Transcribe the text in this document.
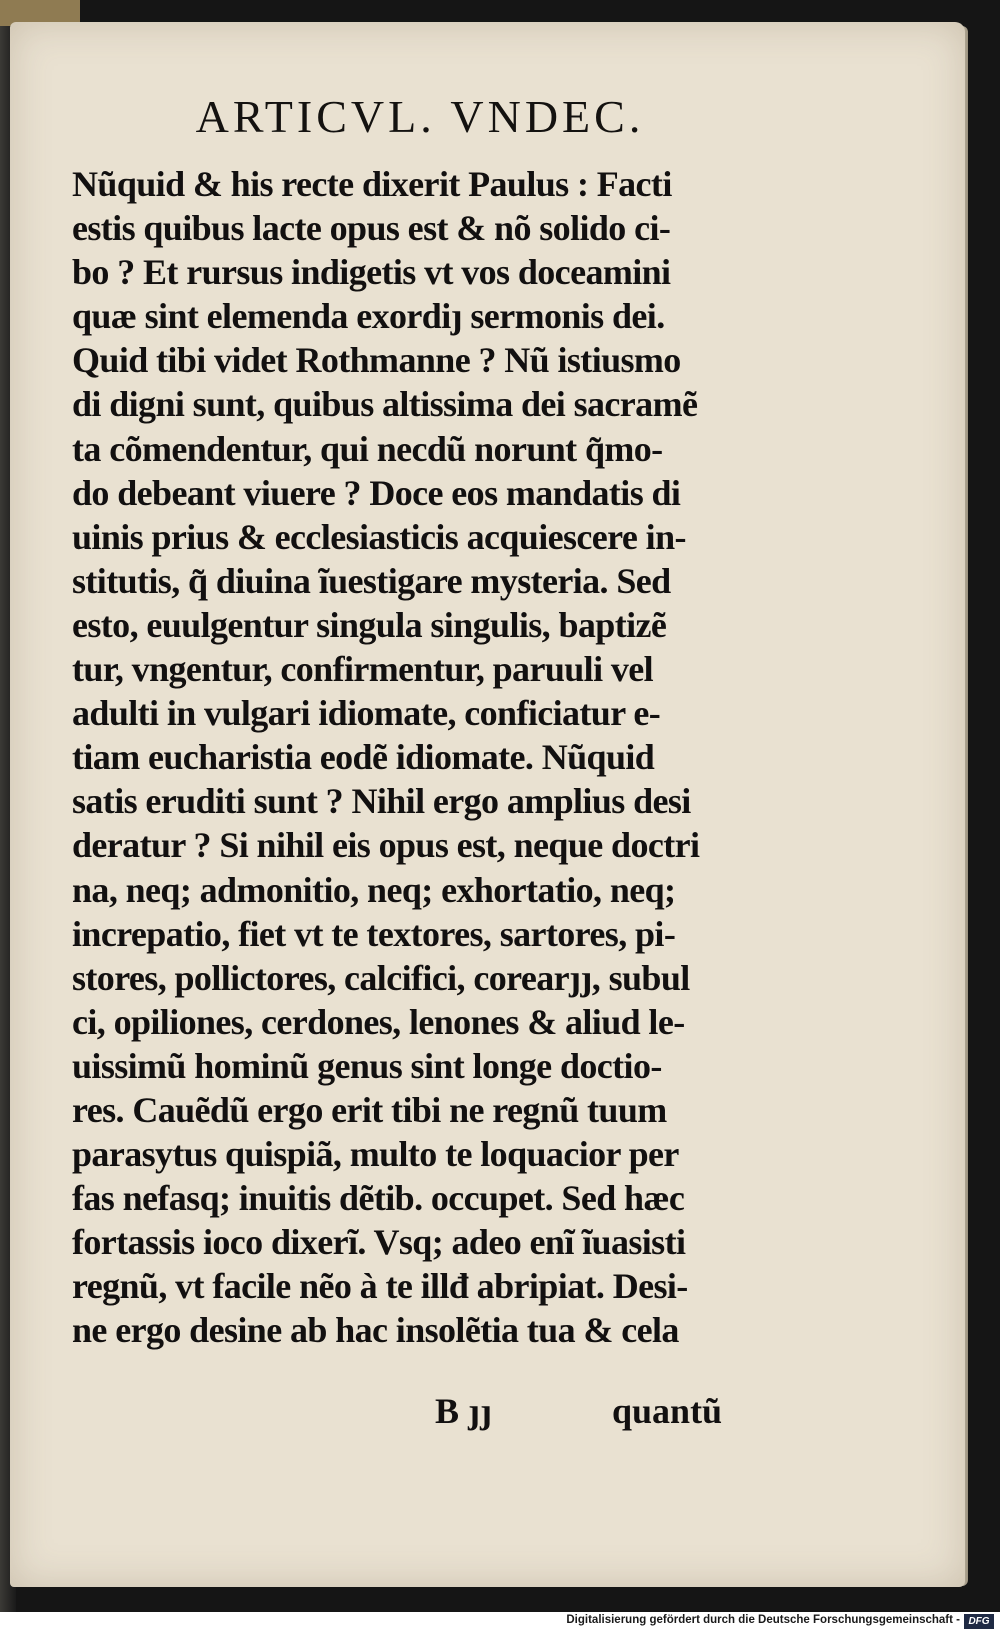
ARTICVL. VNDEC.
Nũquid & his recte dixerit Paulus : Facti
estis quibus lacte opus est & nõ solido ci-
bo ? Et rursus indigetis vt vos doceamini
quæ sint elemenda exordiȷ sermonis dei.
Quid tibi videt Rothmanne ? Nũ istiusmo
di digni sunt, quibus altissima dei sacramẽ
ta cõmendentur, qui necdũ norunt q̃mo-
do debeant viuere ? Doce eos mandatis di
uinis prius & ecclesiasticis acquiescere in-
stitutis, q̃ diuina ĩuestigare mysteria. Sed
esto, euulgentur singula singulis, baptizẽ
tur, vngentur, confirmentur, paruuli vel
adulti in vulgari idiomate, conficiatur e-
tiam eucharistia eodẽ idiomate. Nũquid
satis eruditi sunt ? Nihil ergo amplius desi
deratur ? Si nihil eis opus est, neque doctri
na, neq; admonitio, neq; exhortatio, neq;
increpatio, fiet vt te textores, sartores, pi-
stores, pollictores, calcifici, corearȷȷ, subul
ci, opiliones, cerdones, lenones & aliud le-
uissimũ hominũ genus sint longe doctio-
res. Cauẽdũ ergo erit tibi ne regnũ tuum
parasytus quispiã, multo te loquacior per
fas nefasq; inuitis dẽtib. occupet. Sed hæc
fortassis ioco dixerĩ. Vsq; adeo enĩ ĩuasisti
regnũ, vt facile nẽo à te illđ abripiat. Desi-
ne ergo desine ab hac insolẽtia tua & cela
B ȷȷ	quantũ
Digitalisierung gefördert durch die Deutsche Forschungsgemeinschaft - DFG
